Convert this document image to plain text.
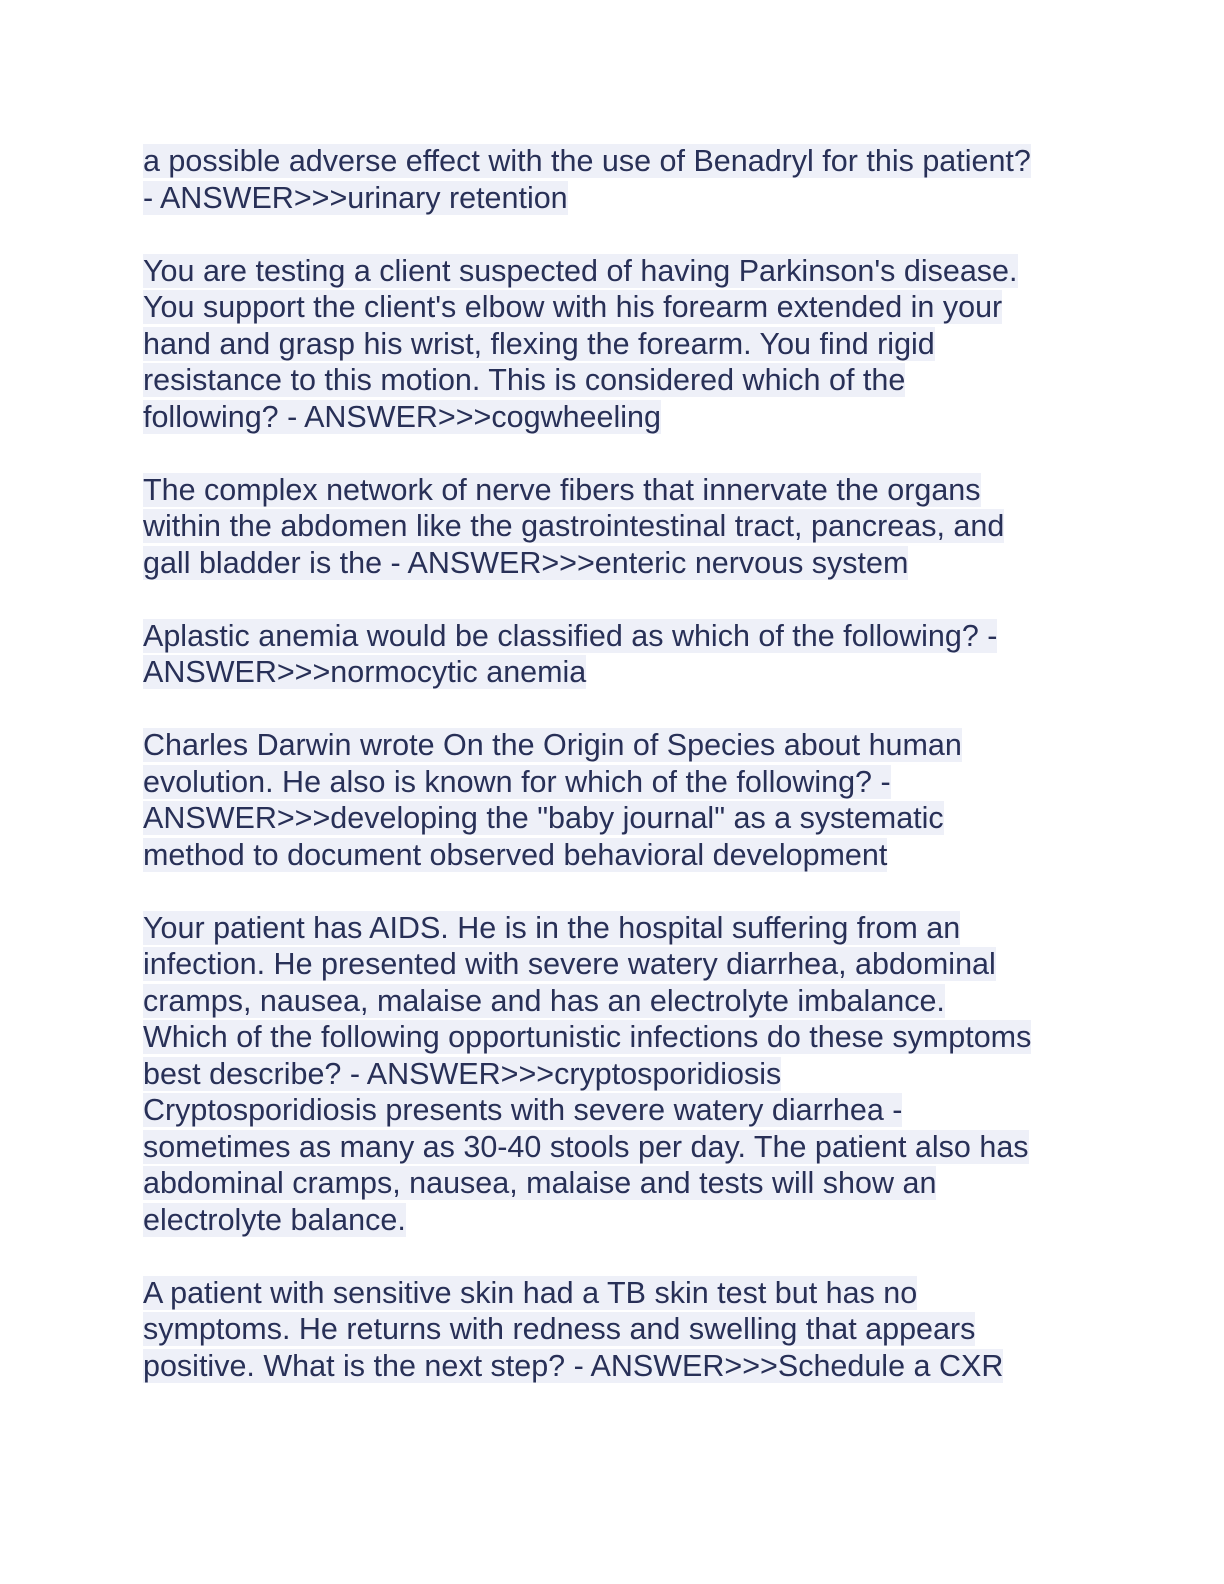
a possible adverse effect with the use of Benadryl for this patient?
- ANSWER>>>urinary retention
You are testing a client suspected of having Parkinson's disease.
You support the client's elbow with his forearm extended in your
hand and grasp his wrist, flexing the forearm. You find rigid
resistance to this motion. This is considered which of the
following? - ANSWER>>>cogwheeling
The complex network of nerve fibers that innervate the organs
within the abdomen like the gastrointestinal tract, pancreas, and
gall bladder is the - ANSWER>>>enteric nervous system
Aplastic anemia would be classified as which of the following? -
ANSWER>>>normocytic anemia
Charles Darwin wrote On the Origin of Species about human
evolution. He also is known for which of the following? -
ANSWER>>>developing the "baby journal" as a systematic
method to document observed behavioral development
Your patient has AIDS. He is in the hospital suffering from an
infection. He presented with severe watery diarrhea, abdominal
cramps, nausea, malaise and has an electrolyte imbalance.
Which of the following opportunistic infections do these symptoms
best describe? - ANSWER>>>cryptosporidiosis
Cryptosporidiosis presents with severe watery diarrhea -
sometimes as many as 30-40 stools per day. The patient also has
abdominal cramps, nausea, malaise and tests will show an
electrolyte balance.
A patient with sensitive skin had a TB skin test but has no
symptoms. He returns with redness and swelling that appears
positive. What is the next step? - ANSWER>>>Schedule a CXR
